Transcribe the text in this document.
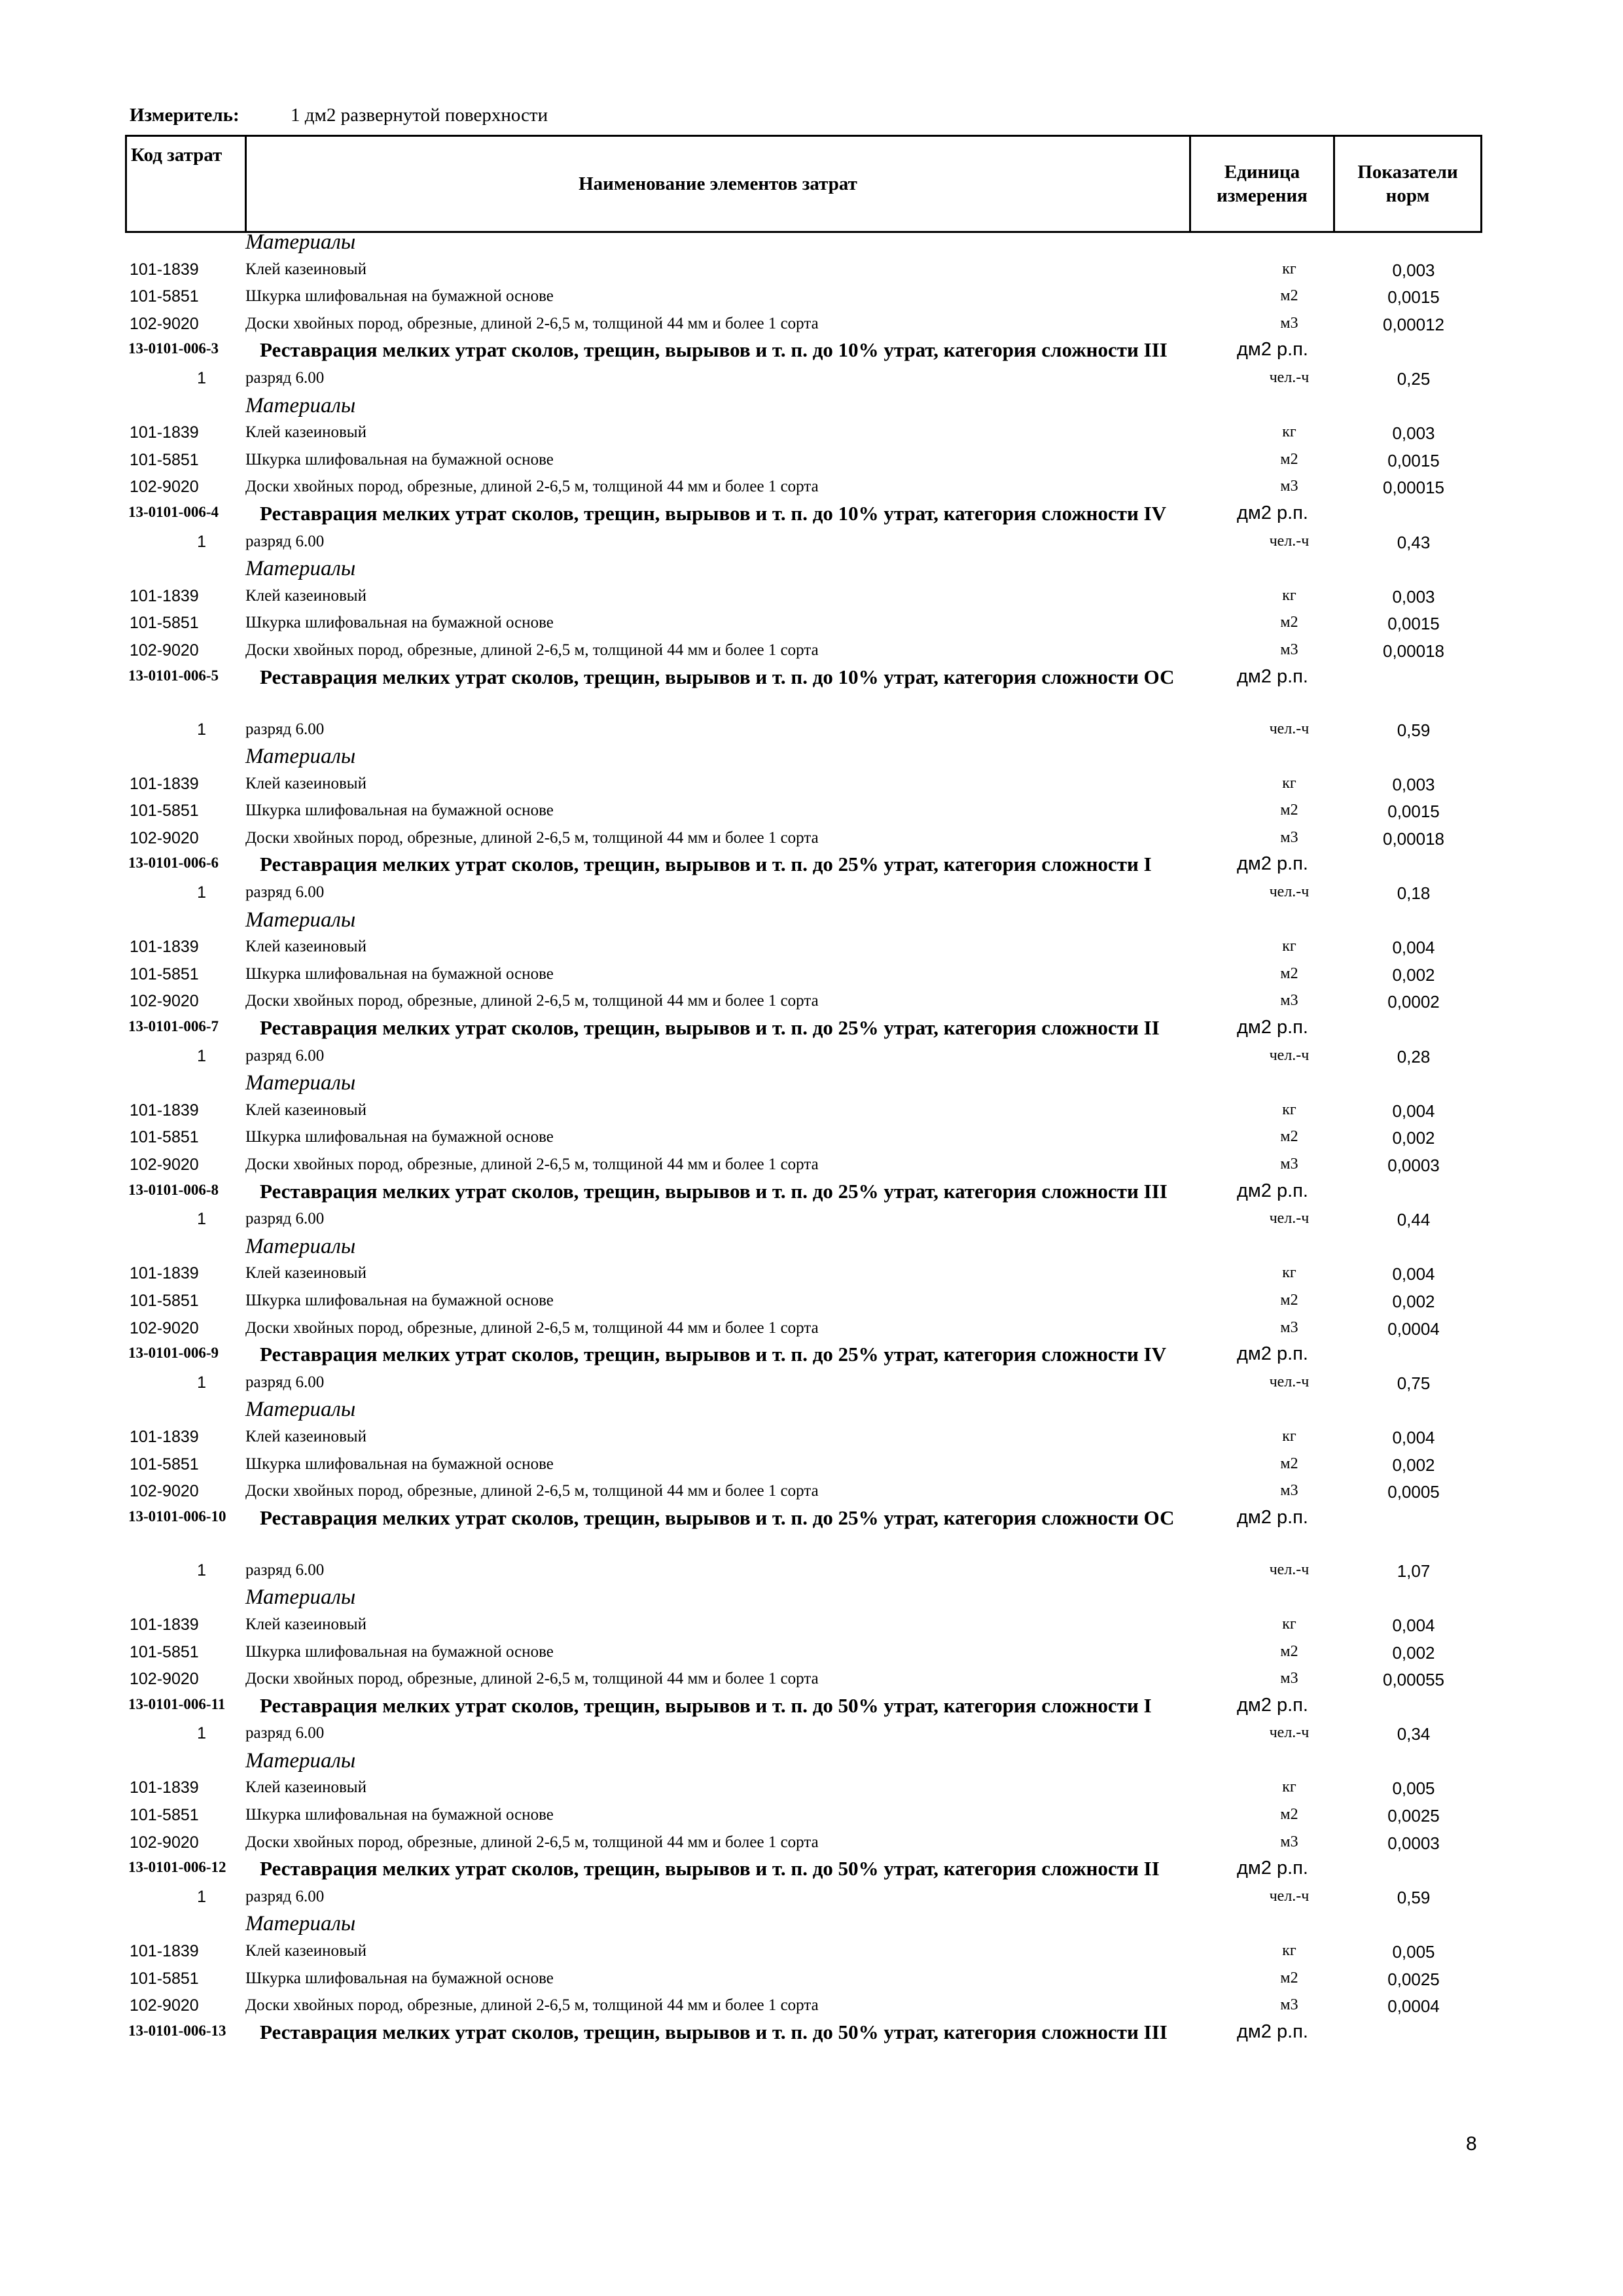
Измеритель:	1 дм2 развернутой поверхности
Код затрат	Наименование элементов затрат	Единица измерения	Показатели норм
Материалы
101-1839	Клей казеиновый	кг	0,003
101-5851	Шкурка шлифовальная на бумажной основе	м2	0,0015
102-9020	Доски хвойных пород, обрезные, длиной 2-6,5 м, толщиной 44 мм и более 1 сорта	м3	0,00012
13-0101-006-3 Реставрация мелких утрат сколов, трещин, вырывов и т. п. до 10% утрат, категория сложности III	дм2 р.п.
1 разряд 6.00	чел.-ч	0,25
Материалы
101-1839	Клей казеиновый	кг	0,003
101-5851	Шкурка шлифовальная на бумажной основе	м2	0,0015
102-9020	Доски хвойных пород, обрезные, длиной 2-6,5 м, толщиной 44 мм и более 1 сорта	м3	0,00015
13-0101-006-4 Реставрация мелких утрат сколов, трещин, вырывов и т. п. до 10% утрат, категория сложности IV	дм2 р.п.
1 разряд 6.00	чел.-ч	0,43
Материалы
101-1839	Клей казеиновый	кг	0,003
101-5851	Шкурка шлифовальная на бумажной основе	м2	0,0015
102-9020	Доски хвойных пород, обрезные, длиной 2-6,5 м, толщиной 44 мм и более 1 сорта	м3	0,00018
13-0101-006-5 Реставрация мелких утрат сколов, трещин, вырывов и т. п. до 10% утрат, категория сложности ОС	дм2 р.п.
1 разряд 6.00	чел.-ч	0,59
Материалы
101-1839	Клей казеиновый	кг	0,003
101-5851	Шкурка шлифовальная на бумажной основе	м2	0,0015
102-9020	Доски хвойных пород, обрезные, длиной 2-6,5 м, толщиной 44 мм и более 1 сорта	м3	0,00018
13-0101-006-6 Реставрация мелких утрат сколов, трещин, вырывов и т. п. до 25% утрат, категория сложности I	дм2 р.п.
1 разряд 6.00	чел.-ч	0,18
Материалы
101-1839	Клей казеиновый	кг	0,004
101-5851	Шкурка шлифовальная на бумажной основе	м2	0,002
102-9020	Доски хвойных пород, обрезные, длиной 2-6,5 м, толщиной 44 мм и более 1 сорта	м3	0,0002
13-0101-006-7 Реставрация мелких утрат сколов, трещин, вырывов и т. п. до 25% утрат, категория сложности II	дм2 р.п.
1 разряд 6.00	чел.-ч	0,28
Материалы
101-1839	Клей казеиновый	кг	0,004
101-5851	Шкурка шлифовальная на бумажной основе	м2	0,002
102-9020	Доски хвойных пород, обрезные, длиной 2-6,5 м, толщиной 44 мм и более 1 сорта	м3	0,0003
13-0101-006-8 Реставрация мелких утрат сколов, трещин, вырывов и т. п. до 25% утрат, категория сложности III	дм2 р.п.
1 разряд 6.00	чел.-ч	0,44
Материалы
101-1839	Клей казеиновый	кг	0,004
101-5851	Шкурка шлифовальная на бумажной основе	м2	0,002
102-9020	Доски хвойных пород, обрезные, длиной 2-6,5 м, толщиной 44 мм и более 1 сорта	м3	0,0004
13-0101-006-9 Реставрация мелких утрат сколов, трещин, вырывов и т. п. до 25% утрат, категория сложности IV	дм2 р.п.
1 разряд 6.00	чел.-ч	0,75
Материалы
101-1839	Клей казеиновый	кг	0,004
101-5851	Шкурка шлифовальная на бумажной основе	м2	0,002
102-9020	Доски хвойных пород, обрезные, длиной 2-6,5 м, толщиной 44 мм и более 1 сорта	м3	0,0005
13-0101-006-10 Реставрация мелких утрат сколов, трещин, вырывов и т. п. до 25% утрат, категория сложности ОС	дм2 р.п.
1 разряд 6.00	чел.-ч	1,07
Материалы
101-1839	Клей казеиновый	кг	0,004
101-5851	Шкурка шлифовальная на бумажной основе	м2	0,002
102-9020	Доски хвойных пород, обрезные, длиной 2-6,5 м, толщиной 44 мм и более 1 сорта	м3	0,00055
13-0101-006-11 Реставрация мелких утрат сколов, трещин, вырывов и т. п. до 50% утрат, категория сложности I	дм2 р.п.
1 разряд 6.00	чел.-ч	0,34
Материалы
101-1839	Клей казеиновый	кг	0,005
101-5851	Шкурка шлифовальная на бумажной основе	м2	0,0025
102-9020	Доски хвойных пород, обрезные, длиной 2-6,5 м, толщиной 44 мм и более 1 сорта	м3	0,0003
13-0101-006-12 Реставрация мелких утрат сколов, трещин, вырывов и т. п. до 50% утрат, категория сложности II	дм2 р.п.
1 разряд 6.00	чел.-ч	0,59
Материалы
101-1839	Клей казеиновый	кг	0,005
101-5851	Шкурка шлифовальная на бумажной основе	м2	0,0025
102-9020	Доски хвойных пород, обрезные, длиной 2-6,5 м, толщиной 44 мм и более 1 сорта	м3	0,0004
13-0101-006-13 Реставрация мелких утрат сколов, трещин, вырывов и т. п. до 50% утрат, категория сложности III	дм2 р.п.
8
